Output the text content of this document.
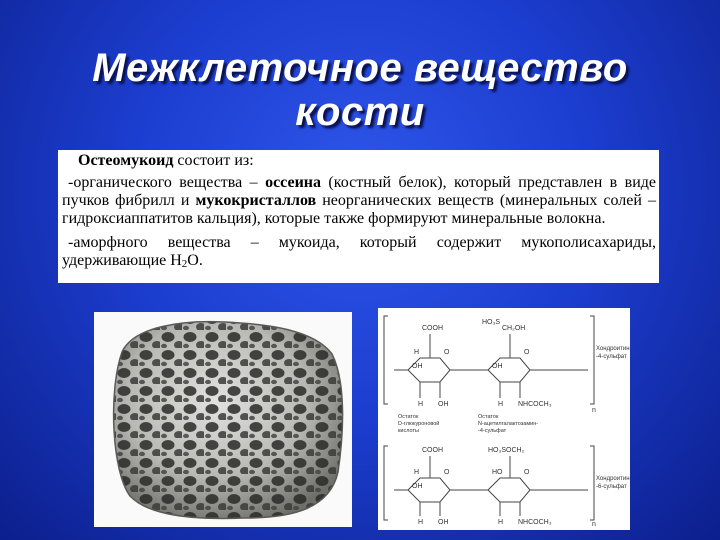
Межклеточное вещество
кости

Остеомукоид состоит из:

-органического вещества – оссеина (костный белок), который представлен в виде пучков фибрилл и мукокристаллов неорганических веществ (минеральных солей – гидроксиаппатитов кальция), которые также формируют минеральные волокна.

-аморфного вещества – мукоида, который содержит мукополисахариды, удерживающие Н2О.

COOH
HO₃S
CH₂OH
H	O
OH
O
OH
H OH	H NHCOCH₃
n
Хондроитин-
-4-сульфат
Остаток
D-глюкуроновой
кислоты
Остаток
N-ацетилгалактозамин-
-4-сульфат
COOH	HO₃SOCH₂
H	O
OH
HO	O
H OH	H NHCOCH₃	n
Хондроитин-
-6-сульфат
